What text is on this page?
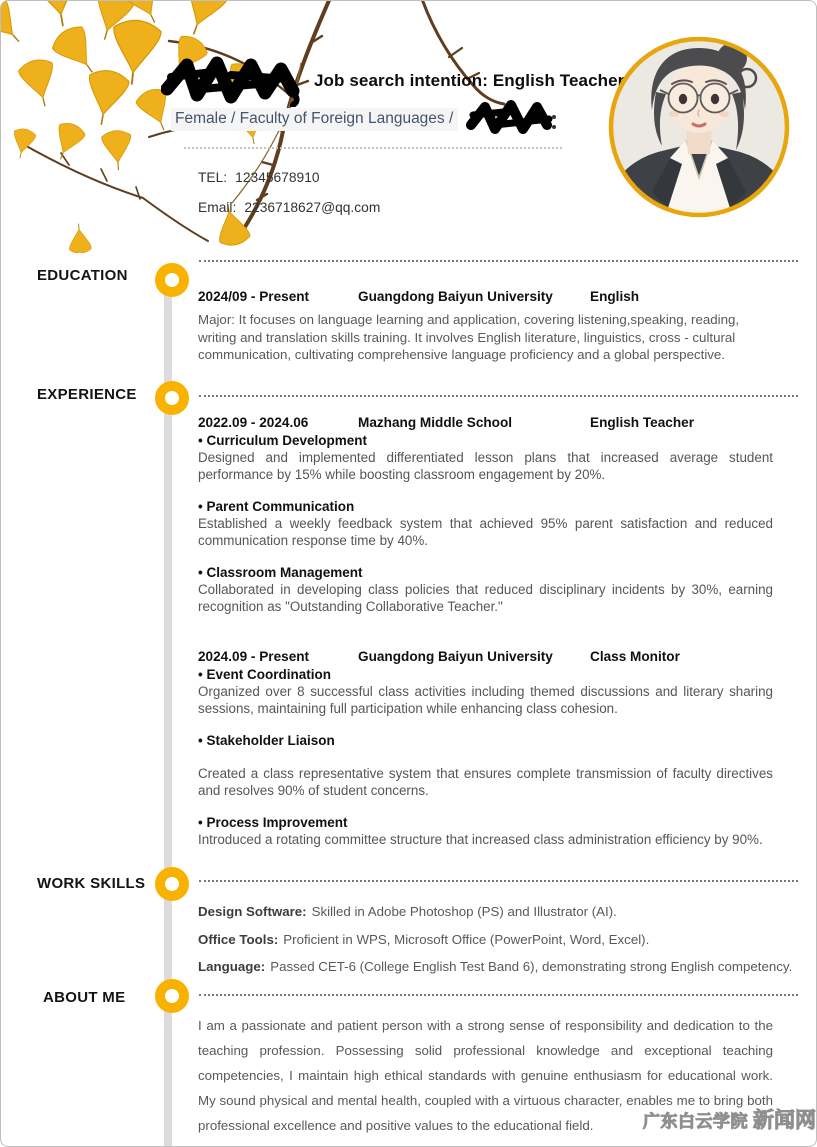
Job search intention: English Teacher
Female / Faculty of Foreign Languages /
TEL: 12345678910
Email: 2236718627@qq.com
EDUCATION
2024/09 - Present	Guangdong Baiyun University	English

Major: It focuses on language learning and application, covering listening,speaking, reading, writing and translation skills training. It involves English literature, linguistics, cross - cultural communication, cultivating comprehensive language proficiency and a global perspective.

EXPERIENCE
2022.09 - 2024.06	Mazhang Middle School	English Teacher
• Curriculum Development

Designed and implemented differentiated lesson plans that increased average student performance by 15% while boosting classroom engagement by 20%.

• Parent Communication

Established a weekly feedback system that achieved 95% parent satisfaction and reduced communication response time by 40%.

• Classroom Management

Collaborated in developing class policies that reduced disciplinary incidents by 30%, earning recognition as "Outstanding Collaborative Teacher."

2024.09 - Present	Guangdong Baiyun University	Class Monitor
• Event Coordination

Organized over 8 successful class activities including themed discussions and literary sharing sessions, maintaining full participation while enhancing class cohesion.

• Stakeholder Liaison

Created a class representative system that ensures complete transmission of faculty directives and resolves 90% of student concerns.

• Process Improvement

Introduced a rotating committee structure that increased class administration efficiency by 90%.

WORK SKILLS
Design Software: Skilled in Adobe Photoshop (PS) and Illustrator (AI).
Office Tools: Proficient in WPS, Microsoft Office (PowerPoint, Word, Excel).
Language: Passed CET-6 (College English Test Band 6), demonstrating strong English competency.
ABOUT ME

I am a passionate and patient person with a strong sense of responsibility and dedication to the teaching profession. Possessing solid professional knowledge and exceptional teaching competencies, I maintain high ethical standards with genuine enthusiasm for educational work. My sound physical and mental health, coupled with a virtuous character, enables me to bring both professional excellence and positive values to the educational field.	广东白云学院 新闻网
